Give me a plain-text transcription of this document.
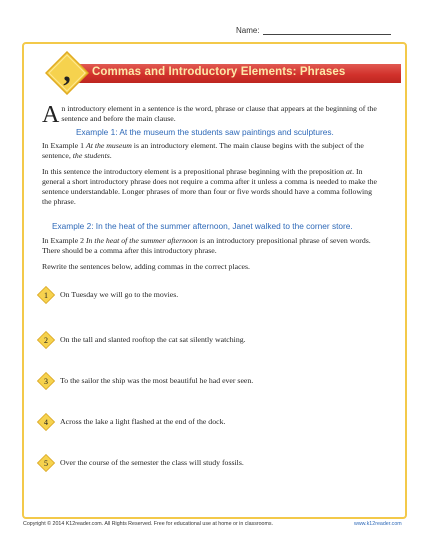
Name:
Commas and Introductory Elements: Phrases
,
An introductory element in a sentence is the word, phrase or clause that appears at the beginning of the sentence and before the main clause.
Example 1: At the museum the students saw paintings and sculptures.
In Example 1 At the museum is an introductory element. The main clause begins with the subject of the sentence, the students.
In this sentence the introductory element is a prepositional phrase beginning with the preposition at. In general a short introductory phrase does not require a comma after it unless a comma is needed to make the sentence understandable. Longer phrases of more than four or five words should have a comma following the phrase.
Example 2: In the heat of the summer afternoon, Janet walked to the corner store.
In Example 2 In the heat of the summer afternoon is an introductory prepositional phrase of seven words. There should be a comma after this introductory phrase.
Rewrite the sentences below, adding commas in the correct places.
1 On Tuesday we will go to the movies.
2 On the tall and slanted rooftop the cat sat silently watching.
3 To the sailor the ship was the most beautiful he had ever seen.
4 Across the lake a light flashed at the end of the dock.
5 Over the course of the semester the class will study fossils.
Copyright © 2014 K12reader.com. All Rights Reserved. Free for educational use at home or in classrooms.	www.k12reader.com
